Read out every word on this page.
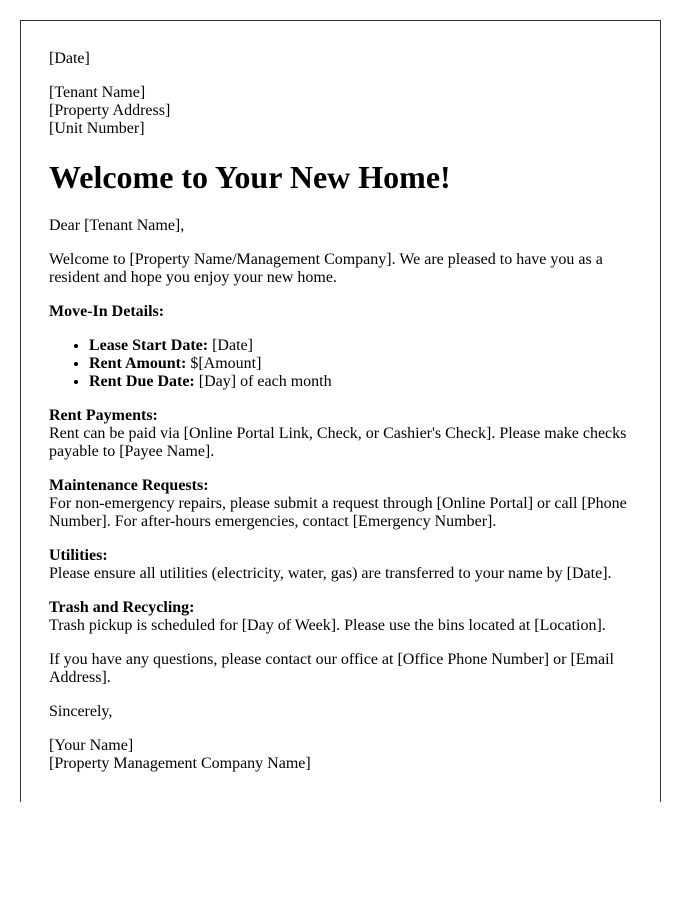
[Date]

[Tenant Name]
[Property Address]
[Unit Number]

Welcome to Your New Home!

Dear [Tenant Name],

Welcome to [Property Name/Management Company]. We are pleased to have you as a resident and hope you enjoy your new home.

Move-In Details:

• Lease Start Date: [Date]
• Rent Amount: $[Amount]
• Rent Due Date: [Day] of each month

Rent Payments:
Rent can be paid via [Online Portal Link, Check, or Cashier's Check]. Please make checks payable to [Payee Name].

Maintenance Requests:
For non-emergency repairs, please submit a request through [Online Portal] or call [Phone Number]. For after-hours emergencies, contact [Emergency Number].

Utilities:
Please ensure all utilities (electricity, water, gas) are transferred to your name by [Date].

Trash and Recycling:
Trash pickup is scheduled for [Day of Week]. Please use the bins located at [Location].

If you have any questions, please contact our office at [Office Phone Number] or [Email Address].

Sincerely,

[Your Name]
[Property Management Company Name]
